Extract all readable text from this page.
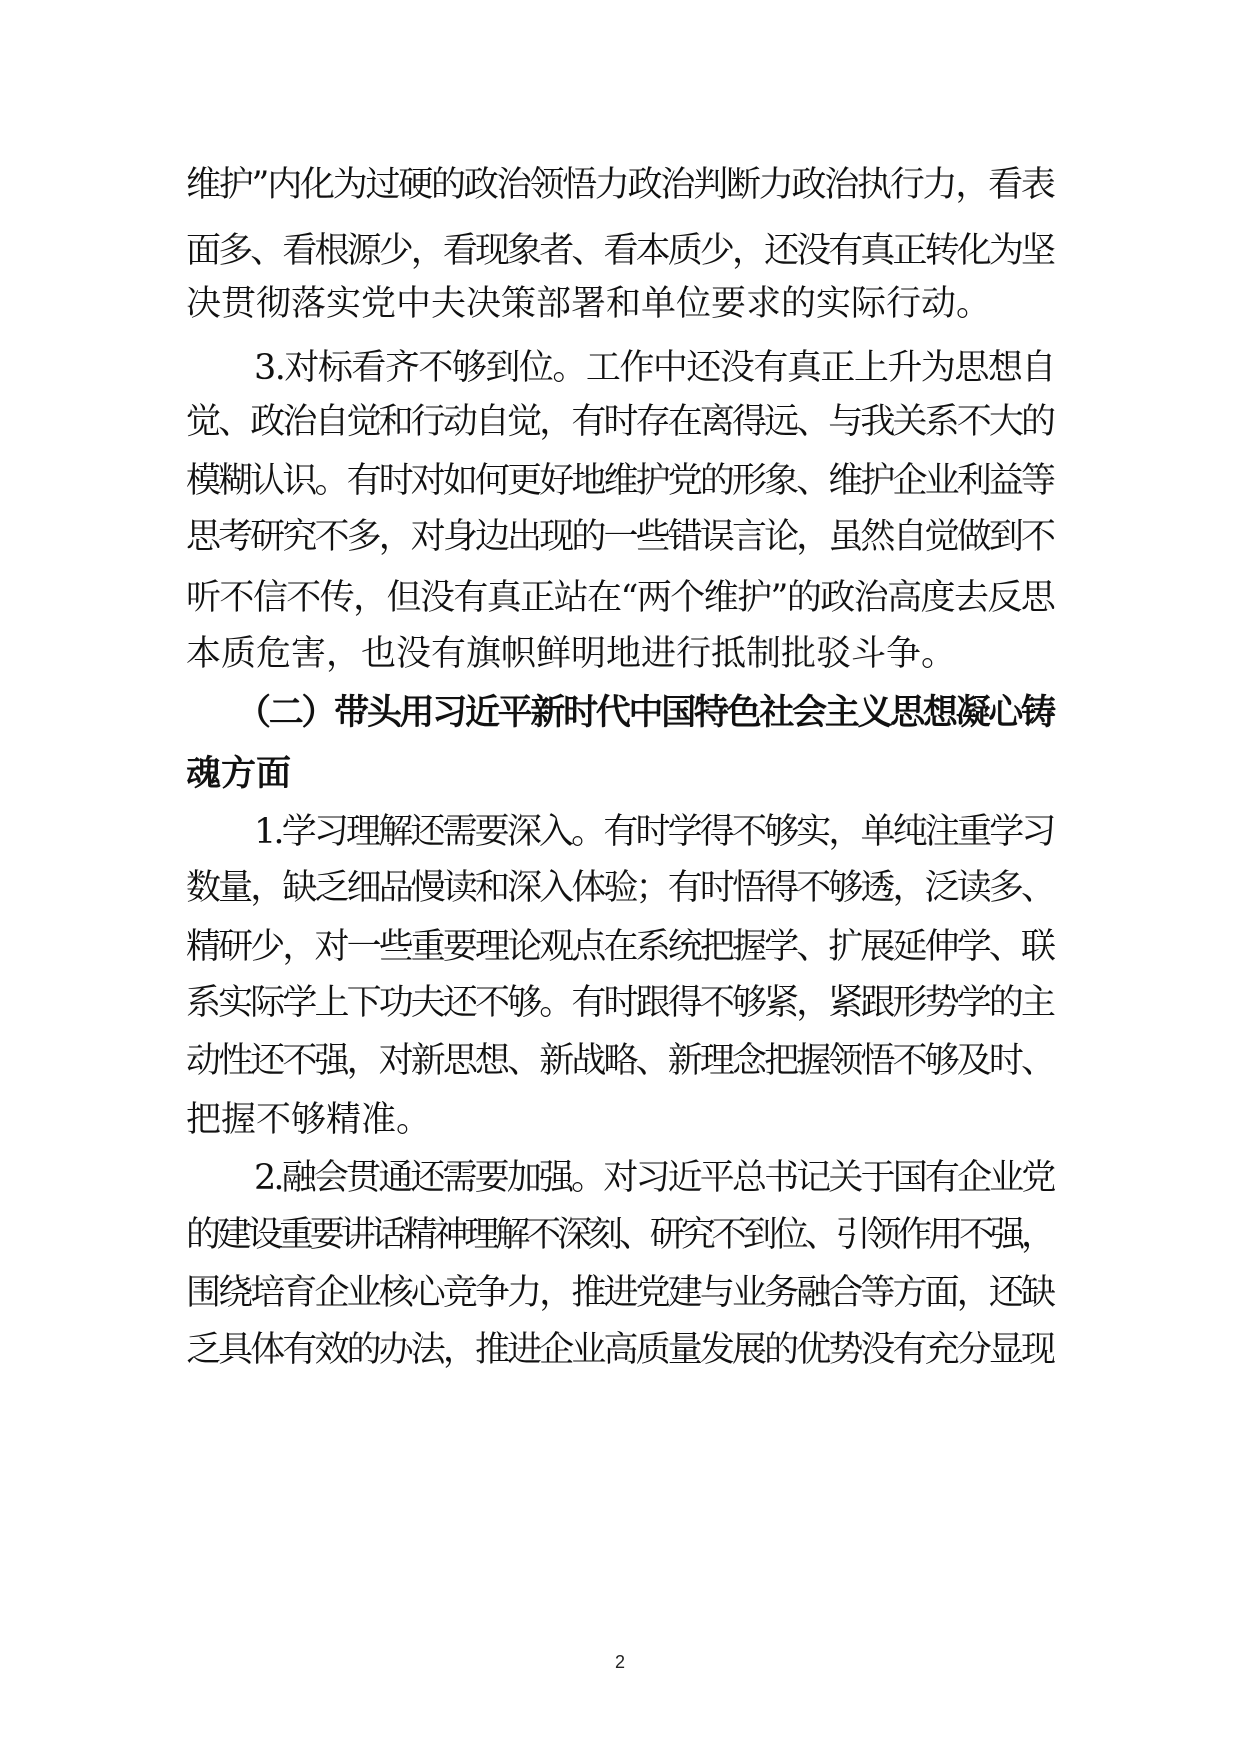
维护”内化为过硬的政治领悟力政治判断力政治执行力，看表
面多、看根源少，看现象者、看本质少，还没有真正转化为坚
决贯彻落实党中夫决策部署和单位要求的实际行动。
3.对标看齐不够到位。工作中还没有真正上升为思想自
觉、政治自觉和行动自觉，有时存在离得远、与我关系不大的
模糊认识。有时对如何更好地维护党的形象、维护企业利益等
思考研究不多，对身边出现的一些错误言论，虽然自觉做到不
听不信不传，但没有真正站在“两个维护”的政治高度去反思
本质危害，也没有旗帜鲜明地进行抵制批驳斗争。
（二）带头用习近平新时代中国特色社会主义思想凝心铸
魂方面
1.学习理解还需要深入。有时学得不够实，单纯注重学习
数量，缺乏细品慢读和深入体验；有时悟得不够透，泛读多、
精研少，对一些重要理论观点在系统把握学、扩展延伸学、联
系实际学上下功夫还不够。有时跟得不够紧，紧跟形势学的主
动性还不强，对新思想、新战略、新理念把握领悟不够及时、
把握不够精准。
2.融会贯通还需要加强。对习近平总书记关于国有企业党
的建设重要讲话精神理解不深刻、研究不到位、引领作用不强，
围绕培育企业核心竞争力，推进党建与业务融合等方面，还缺
乏具体有效的办法，推进企业高质量发展的优势没有充分显现
2
